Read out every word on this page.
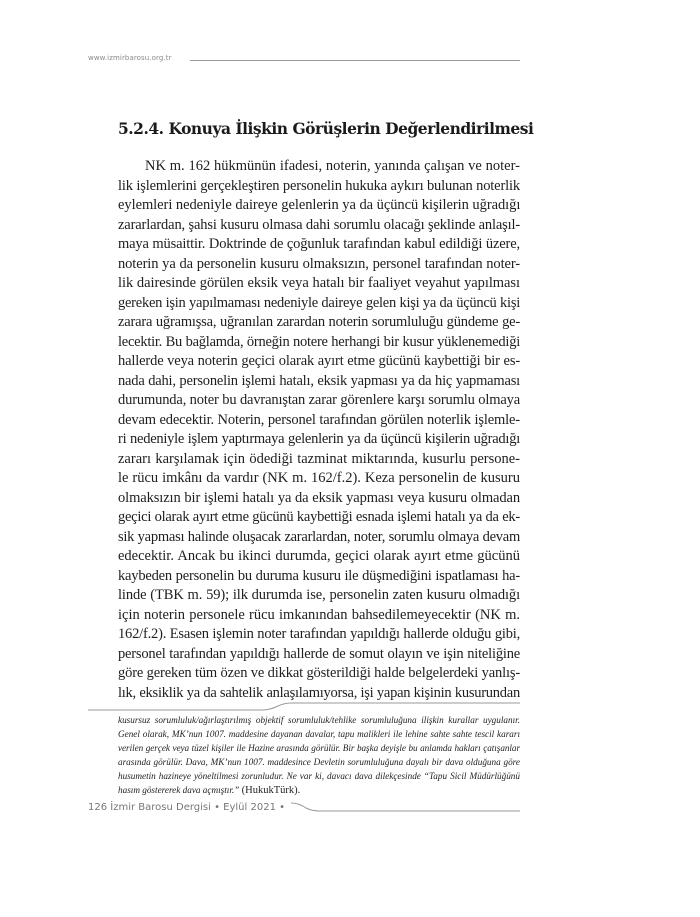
www.izmirbarosu.org.tr
5.2.4. Konuya İlişkin Görüşlerin Değerlendirilmesi
NK m. 162 hükmünün ifadesi, noterin, yanında çalışan ve noter-
lik işlemlerini gerçekleştiren personelin hukuka aykırı bulunan noterlik
eylemleri nedeniyle daireye gelenlerin ya da üçüncü kişilerin uğradığı
zararlardan, şahsi kusuru olmasa dahi sorumlu olacağı şeklinde anlaşıl-
maya müsaittir. Doktrinde de çoğunluk tarafından kabul edildiği üzere,
noterin ya da personelin kusuru olmaksızın, personel tarafından noter-
lik dairesinde görülen eksik veya hatalı bir faaliyet veyahut yapılması
gereken işin yapılmaması nedeniyle daireye gelen kişi ya da üçüncü kişi
zarara uğramışsa, uğranılan zarardan noterin sorumluluğu gündeme ge-
lecektir. Bu bağlamda, örneğin notere herhangi bir kusur yüklenemediği
hallerde veya noterin geçici olarak ayırt etme gücünü kaybettiği bir es-
nada dahi, personelin işlemi hatalı, eksik yapması ya da hiç yapmaması
durumunda, noter bu davranıştan zarar görenlere karşı sorumlu olmaya
devam edecektir. Noterin, personel tarafından görülen noterlik işlemle-
ri nedeniyle işlem yaptırmaya gelenlerin ya da üçüncü kişilerin uğradığı
zararı karşılamak için ödediği tazminat miktarında, kusurlu persone-
le rücu imkânı da vardır (NK m. 162/f.2). Keza personelin de kusuru
olmaksızın bir işlemi hatalı ya da eksik yapması veya kusuru olmadan
geçici olarak ayırt etme gücünü kaybettiği esnada işlemi hatalı ya da ek-
sik yapması halinde oluşacak zararlardan, noter, sorumlu olmaya devam
edecektir. Ancak bu ikinci durumda, geçici olarak ayırt etme gücünü
kaybeden personelin bu duruma kusuru ile düşmediğini ispatlaması ha-
linde (TBK m. 59); ilk durumda ise, personelin zaten kusuru olmadığı
için noterin personele rücu imkanından bahsedilemeyecektir (NK m.
162/f.2). Esasen işlemin noter tarafından yapıldığı hallerde olduğu gibi,
personel tarafından yapıldığı hallerde de somut olayın ve işin niteliğine
göre gereken tüm özen ve dikkat gösterildiği halde belgelerdeki yanlış-
lık, eksiklik ya da sahtelik anlaşılamıyorsa, işi yapan kişinin kusurundan
kusursuz sorumluluk/ağırlaştırılmış objektif sorumluluk/tehlike sorumluluğuna ilişkin kurallar uygulanır.
Genel olarak, MK’nun 1007. maddesine dayanan davalar, tapu malikleri ile lehine sahte sahte tescil kararı
verilen gerçek veya tüzel kişiler ile Hazine arasında görülür. Bir başka deyişle bu anlamda hakları çatışanlar
arasında görülür. Dava, MK’nun 1007. maddesince Devletin sorumluluğuna dayalı bir dava olduğuna göre
husumetin hazineye yöneltilmesi zorunludur. Ne var ki, davacı dava dilekçesinde “Tapu Sicil Müdürlüğünü
hasım göstererek dava açmıştır.” (HukukTürk).
126 İzmir Barosu Dergisi • Eylül 2021 •
